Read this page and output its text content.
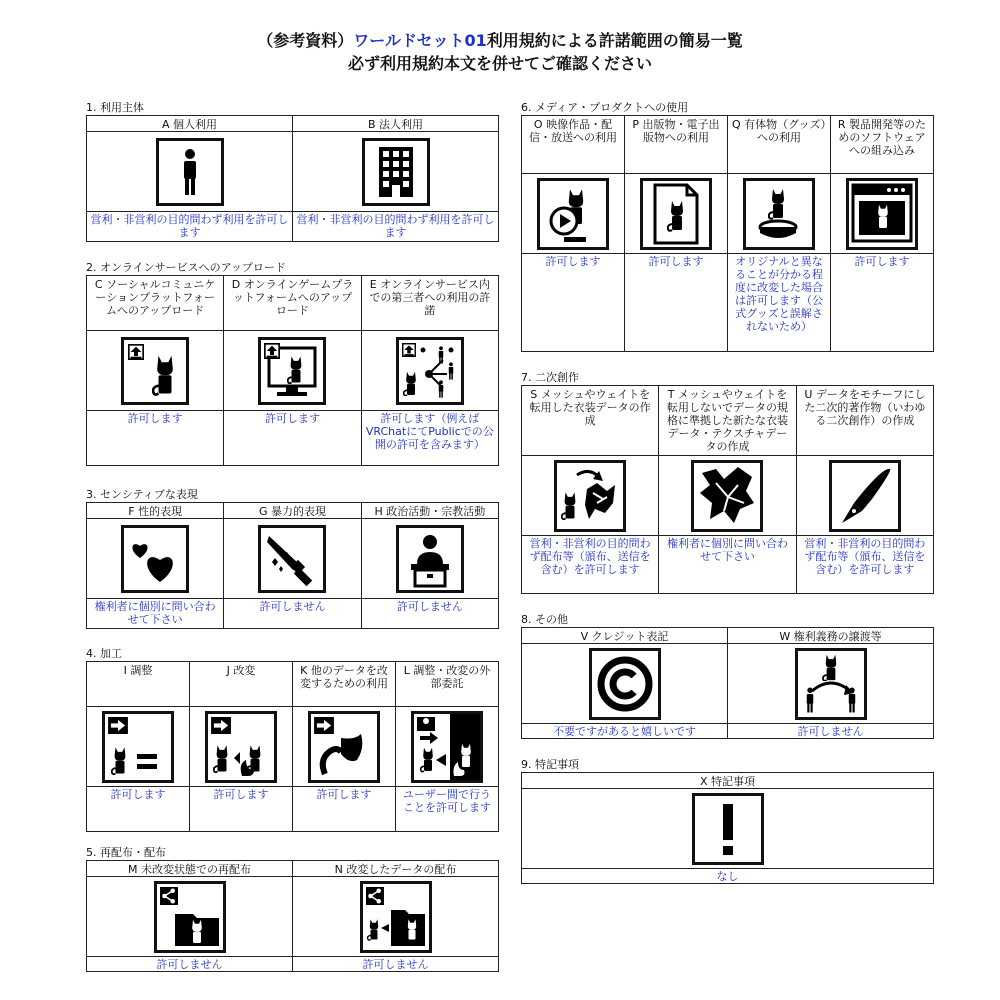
（参考資料）ワールドセット01利用規約による許諾範囲の簡易一覧
必ず利用規約本文を併せてご確認ください
1. 利用主体
A 個人利用	B 法人利用

営利・非営利の目的問わず利用を許可します	営利・非営利の目的問わず利用を許可します
2. オンラインサービスへのアップロード
C ソーシャルコミュニケーションプラットフォームへのアップロード	D オンラインゲームプラットフォームへのアップロード	E オンラインサービス内での第三者への利用の許諾

許可します	許可します	許可します（例えばVRChatにてPublicでの公開の許可を含みます）
3. センシティブな表現
F 性的表現	G 暴力的表現	H 政治活動・宗教活動

権利者に個別に問い合わせて下さい	許可しません	許可しません
4. 加工
I 調整	J 改変	K 他のデータを改変するための利用	L 調整・改変の外部委託

許可します	許可します	許可します	ユーザー間で行うことを許可します
5. 再配布・配布
M 未改変状態での再配布	N 改変したデータの配布

許可しません	許可しません
6. メディア・プロダクトへの使用
O 映像作品・配信・放送への利用	P 出版物・電子出版物への利用	Q 有体物（グッズ）への利用	R 製品開発等のためのソフトウェアへの組み込み

許可します	許可します	オリジナルと異なることが分かる程度に改変した場合は許可します（公式グッズと誤解されないため）	許可します
7. 二次創作
S メッシュやウェイトを転用した衣装データの作成	T メッシュやウェイトを転用しないでデータの規格に準拠した新たな衣装データ・テクスチャデータの作成	U データをモチーフにした二次的著作物（いわゆる二次創作）の作成

営利・非営利の目的問わず配布等（頒布、送信を含む）を許可します	権利者に個別に問い合わせて下さい	営利・非営利の目的問わず配布等（頒布、送信を含む）を許可します
8. その他
V クレジット表記	W 権利義務の譲渡等

不要ですがあると嬉しいです	許可しません
9. 特記事項
X 特記事項

なし
